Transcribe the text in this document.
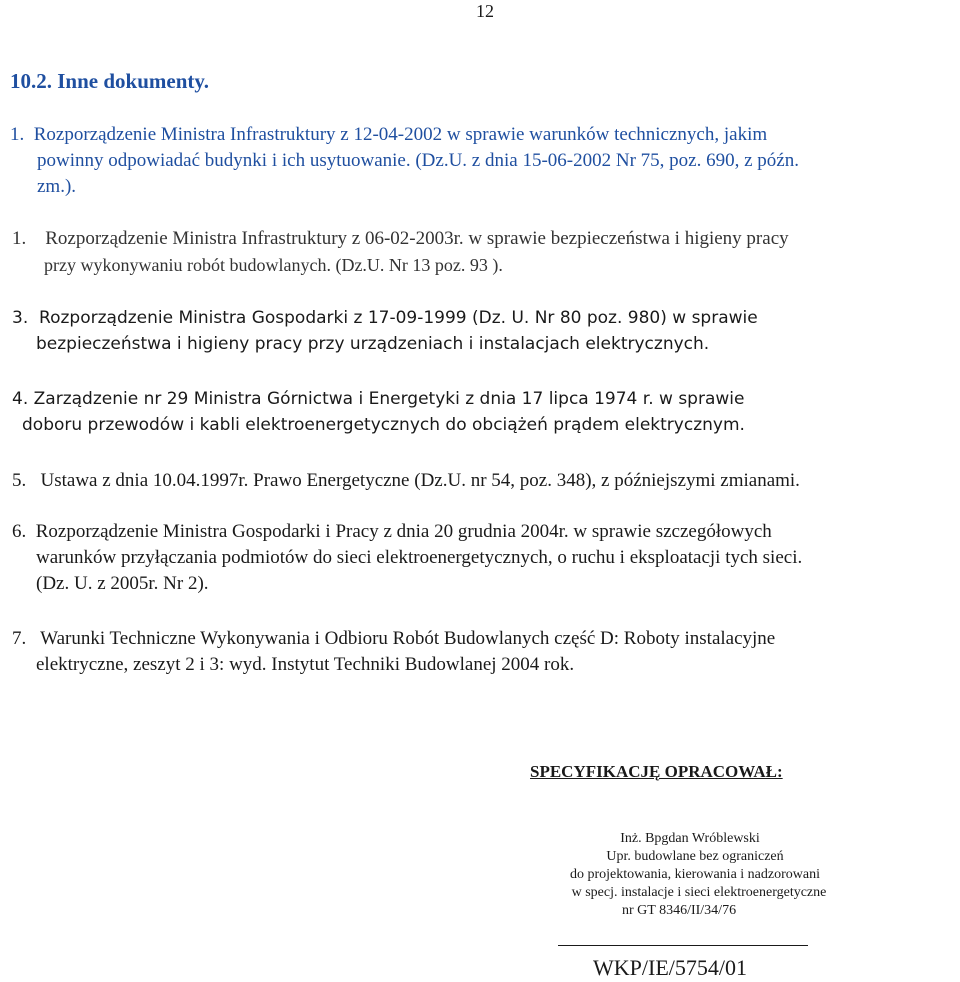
12
10.2. Inne dokumenty.
1. Rozporządzenie Ministra Infrastruktury z 12-04-2002 w sprawie warunków technicznych, jakim
powinny odpowiadać budynki i ich usytuowanie. (Dz.U. z dnia 15-06-2002 Nr 75, poz. 690, z późn.
zm.).
1. Rozporządzenie Ministra Infrastruktury z 06-02-2003r. w sprawie bezpieczeństwa i higieny pracy
przy wykonywaniu robót budowlanych. (Dz.U. Nr 13 poz. 93 ).
3. Rozporządzenie Ministra Gospodarki z 17-09-1999 (Dz. U. Nr 80 poz. 980) w sprawie
bezpieczeństwa i higieny pracy przy urządzeniach i instalacjach elektrycznych.
4. Zarządzenie nr 29 Ministra Górnictwa i Energetyki z dnia 17 lipca 1974 r. w sprawie
doboru przewodów i kabli elektroenergetycznych do obciążeń prądem elektrycznym.
5. Ustawa z dnia 10.04.1997r. Prawo Energetyczne (Dz.U. nr 54, poz. 348), z późniejszymi zmianami.
6. Rozporządzenie Ministra Gospodarki i Pracy z dnia 20 grudnia 2004r. w sprawie szczegółowych
warunków przyłączania podmiotów do sieci elektroenergetycznych, o ruchu i eksploatacji tych sieci.
(Dz. U. z 2005r. Nr 2).
7. Warunki Techniczne Wykonywania i Odbioru Robót Budowlanych część D: Roboty instalacyjne
elektryczne, zeszyt 2 i 3: wyd. Instytut Techniki Budowlanej 2004 rok.
SPECYFIKACJĘ OPRACOWAŁ:
Inż. Bpgdan Wróblewski
Upr. budowlane bez ograniczeń
do projektowania, kierowania i nadzorowani
w specj. instalacje i sieci elektroenergetyczne
nr GT 8346/II/34/76
WKP/IE/5754/01
